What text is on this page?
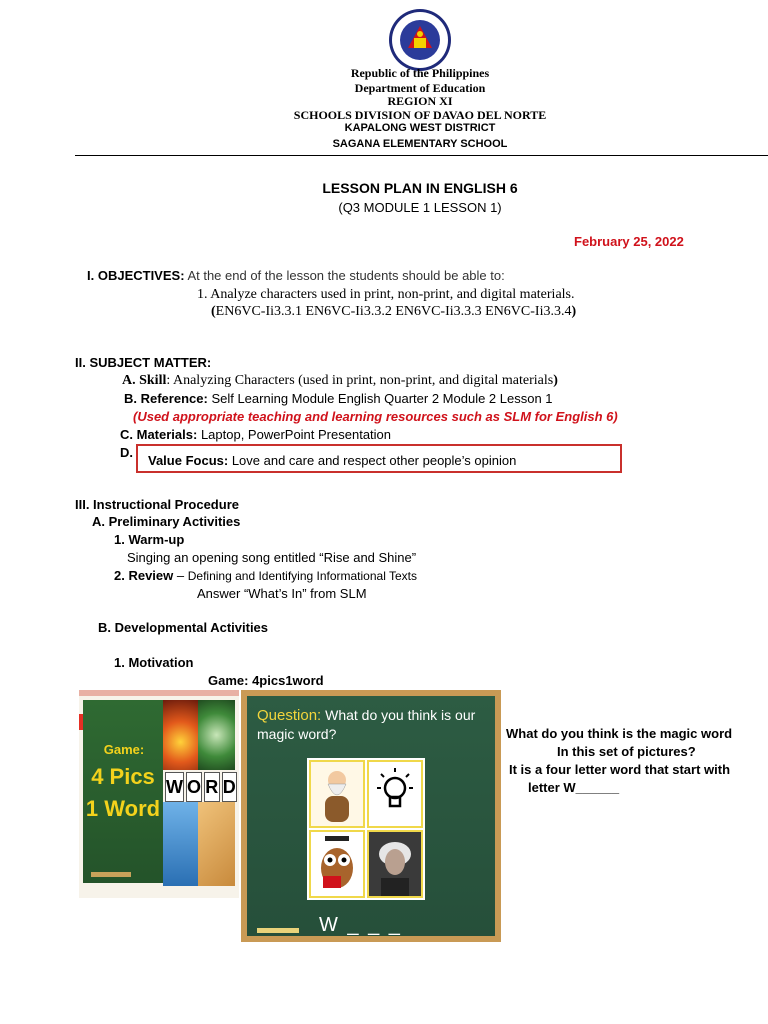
Republic of the Philippines
Department of Education
REGION XI
SCHOOLS DIVISION OF DAVAO DEL NORTE
KAPALONG WEST DISTRICT
SAGANA ELEMENTARY SCHOOL
LESSON PLAN IN ENGLISH 6
(Q3 MODULE 1 LESSON 1)
February 25, 2022
I. OBJECTIVES: At the end of the lesson the students should be able to:
1. Analyze characters used in print, non-print, and digital materials.
(EN6VC-Ii3.3.1 EN6VC-Ii3.3.2 EN6VC-Ii3.3.3 EN6VC-Ii3.3.4)
II. SUBJECT MATTER:
A. Skill: Analyzing Characters (used in print, non-print, and digital materials)
B. Reference: Self Learning Module English Quarter 2 Module 2 Lesson 1
(Used appropriate teaching and learning resources such as SLM for English 6)
C. Materials: Laptop, PowerPoint Presentation
D.
Value Focus: Love and care and respect other people’s opinion
III. Instructional Procedure
A. Preliminary Activities
1. Warm-up
Singing an opening song entitled “Rise and Shine”
2. Review – Defining and Identifying Informational Texts
Answer “What’s In” from SLM
B. Developmental Activities
1. Motivation
Game: 4pics1word
Game:
4 Pics
1 Word
W O R D
Question: What do you think is our magic word?
W _ _ _
What do you think is the magic word
In this set of pictures?
It is a four letter word that start with
letter W______
